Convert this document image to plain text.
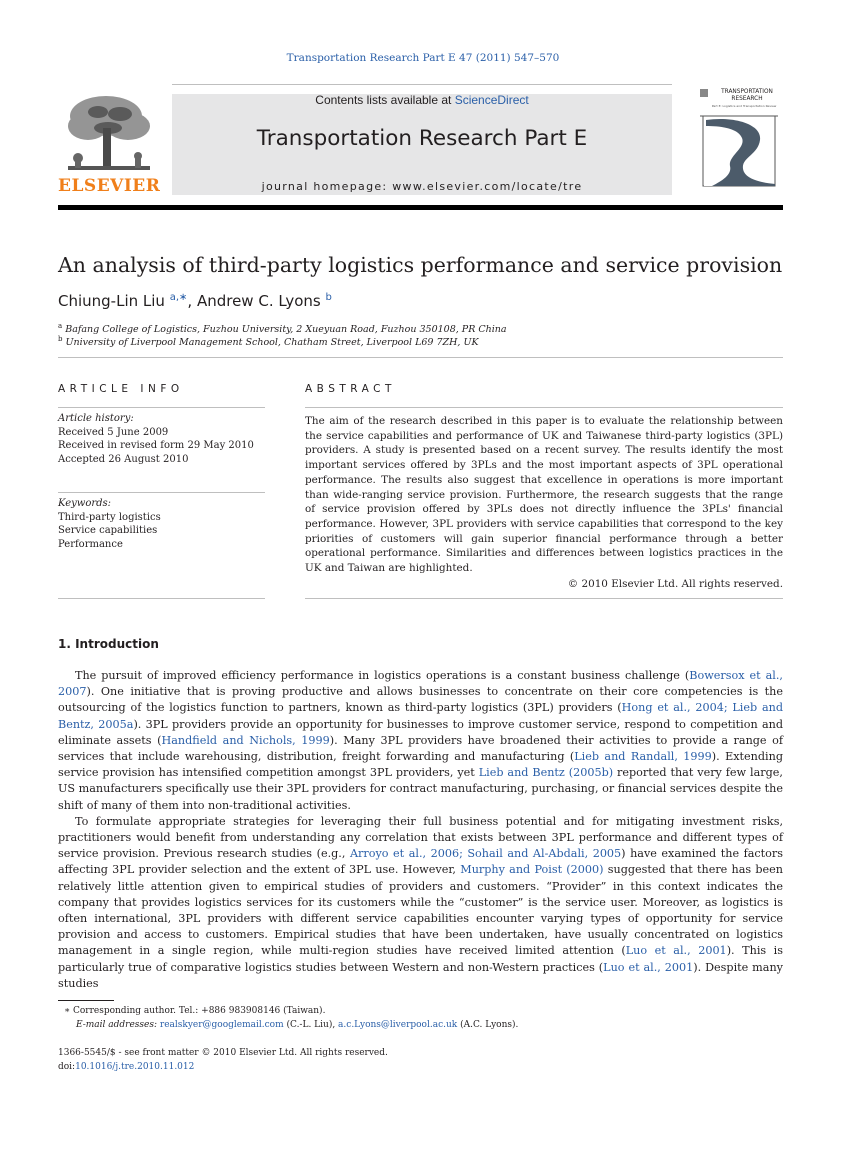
Transportation Research Part E 47 (2011) 547–570
ELSEVIER
Contents lists available at ScienceDirect
Transportation Research Part E
journal homepage: www.elsevier.com/locate/tre
TRANSPORTATION RESEARCH
Part E: Logistics and Transportation Review
An analysis of third-party logistics performance and service provision
Chiung-Lin Liu $^{a,∗}$, Andrew C. Lyons $^b$
$^a$ Bafang College of Logistics, Fuzhou University, 2 Xueyuan Road, Fuzhou 350108, PR China
$^b$ University of Liverpool Management School, Chatham Street, Liverpool L69 7ZH, UK
ARTICLE INFO
Article history:
Received 5 June 2009
Received in revised form 29 May 2010
Accepted 26 August 2010
Keywords:
Third-party logistics
Service capabilities
Performance
ABSTRACT
The aim of the research described in this paper is to evaluate the relationship between the service capabilities and performance of UK and Taiwanese third-party logistics (3PL) providers. A study is presented based on a recent survey. The results identify the most important services offered by 3PLs and the most important aspects of 3PL operational performance. The results also suggest that excellence in operations is more important than wide-ranging service provision. Furthermore, the research suggests that the range of service provision offered by 3PLs does not directly influence the 3PLs' financial performance. However, 3PL providers with service capabilities that correspond to the key priorities of customers will gain superior financial performance through a better operational performance. Similarities and differences between logistics practices in the UK and Taiwan are highlighted.
© 2010 Elsevier Ltd. All rights reserved.
1. Introduction

The pursuit of improved efficiency performance in logistics operations is a constant business challenge (Bowersox et al., 2007). One initiative that is proving productive and allows businesses to concentrate on their core competencies is the outsourcing of the logistics function to partners, known as third-party logistics (3PL) providers (Hong et al., 2004; Lieb and Bentz, 2005a). 3PL providers provide an opportunity for businesses to improve customer service, respond to competition and eliminate assets (Handfield and Nichols, 1999). Many 3PL providers have broadened their activities to provide a range of services that include warehousing, distribution, freight forwarding and manufacturing (Lieb and Randall, 1999). Extending service provision has intensified competition amongst 3PL providers, yet Lieb and Bentz (2005b) reported that very few large, US manufacturers specifically use their 3PL providers for contract manufacturing, purchasing, or financial services despite the shift of many of them into non-traditional activities.

To formulate appropriate strategies for leveraging their full business potential and for mitigating investment risks, practitioners would benefit from understanding any correlation that exists between 3PL performance and different types of service provision. Previous research studies (e.g., Arroyo et al., 2006; Sohail and Al-Abdali, 2005) have examined the factors affecting 3PL provider selection and the extent of 3PL use. However, Murphy and Poist (2000) suggested that there has been relatively little attention given to empirical studies of providers and customers. “Provider” in this context indicates the company that provides logistics services for its customers while the “customer” is the service user. Moreover, as logistics is often international, 3PL providers with different service capabilities encounter varying types of opportunity for service provision and access to customers. Empirical studies that have been undertaken, have usually concentrated on logistics management in a single region, while multi-region studies have received limited attention (Luo et al., 2001). This is particularly true of comparative logistics studies between Western and non-Western practices (Luo et al., 2001). Despite many studies

∗ Corresponding author. Tel.: +886 983908146 (Taiwan).
E-mail addresses: realskyer@googlemail.com (C.-L. Liu), a.c.Lyons@liverpool.ac.uk (A.C. Lyons).
1366-5545/$ - see front matter © 2010 Elsevier Ltd. All rights reserved.
doi:10.1016/j.tre.2010.11.012
